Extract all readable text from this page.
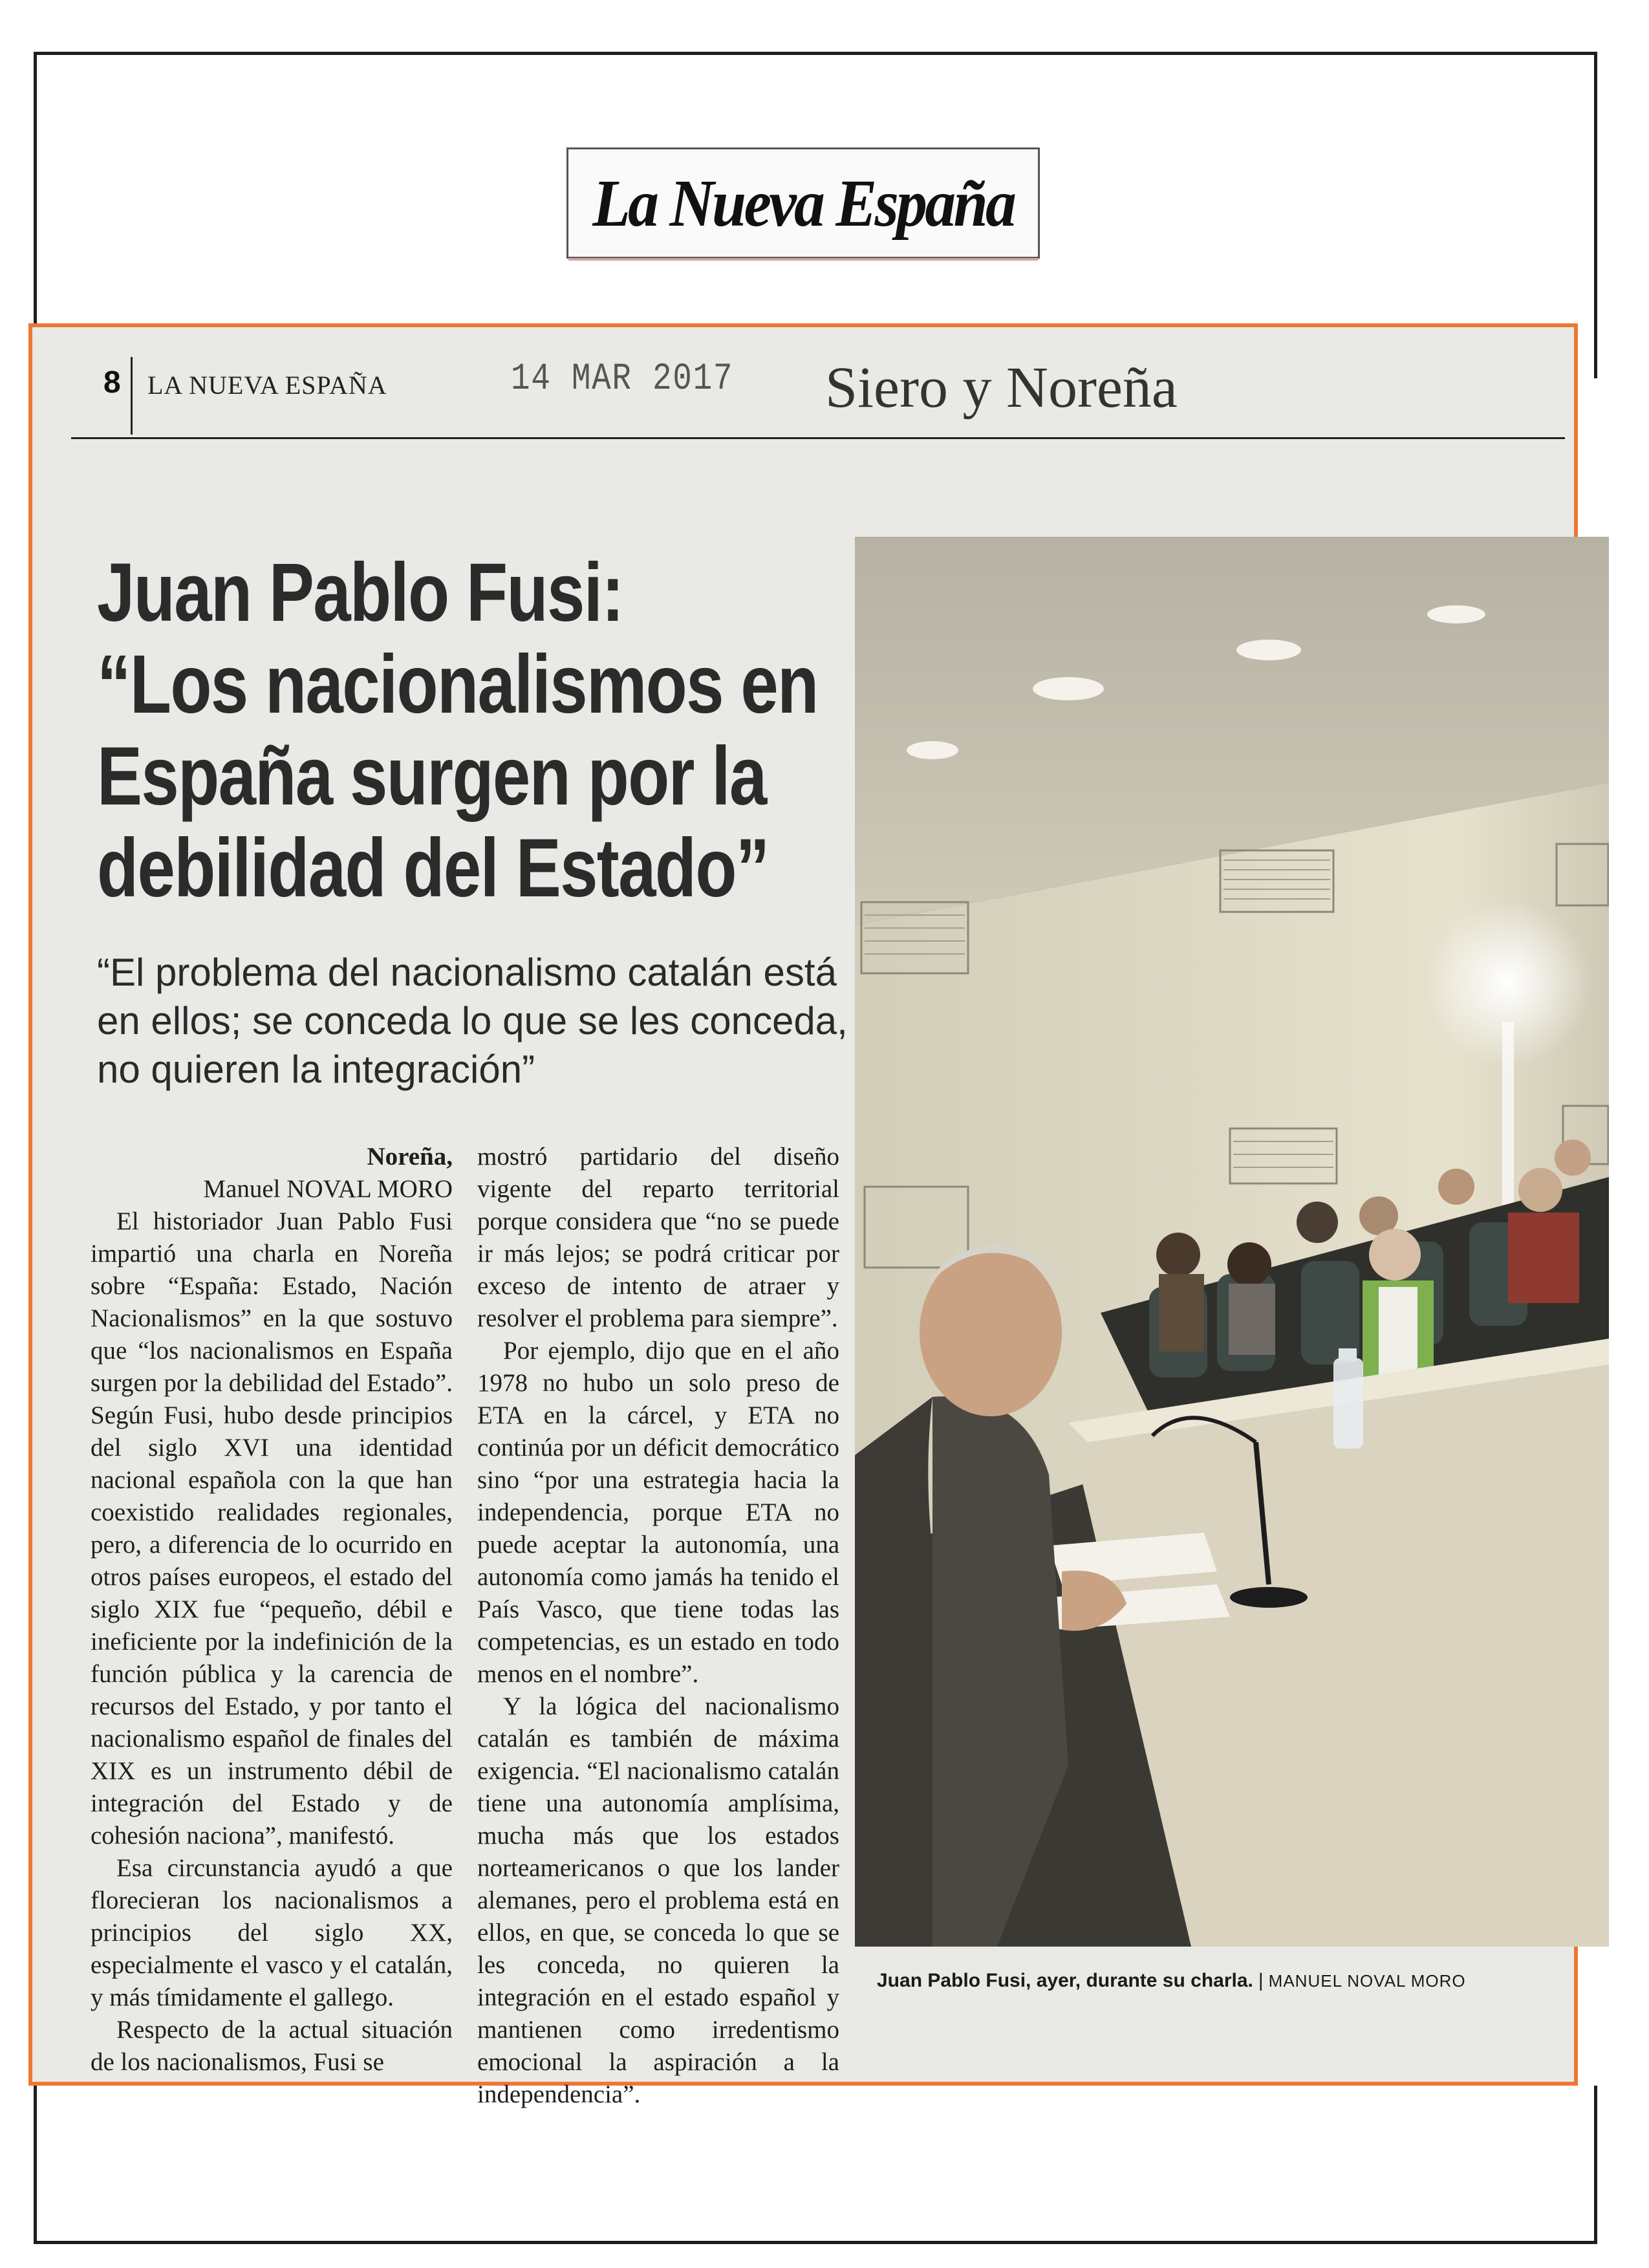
La Nueva España
8 LA NUEVA ESPAÑA	14 MAR 2017 Siero y Noreña
Juan Pablo Fusi:
“Los nacionalismos en
España surgen por la
debilidad del Estado”

“El problema del nacionalismo catalán está en ellos; se conceda lo que se les conceda, no quieren la integración”

Noreña,

Manuel NOVAL MORO

El historiador Juan Pablo Fusi impartió una charla en Noreña sobre “España: Estado, Nación Nacionalismos” en la que sostuvo que “los nacionalismos en España surgen por la debilidad del Estado”. Según Fusi, hubo desde principios del siglo XVI una identidad nacional española con la que han coexistido realidades regionales, pero, a diferencia de lo ocurrido en otros países europeos, el estado del siglo XIX fue “pequeño, débil e ineficiente por la indefinición de la función pública y la carencia de recursos del Estado, y por tanto el nacionalismo español de finales del XIX es un instrumento débil de integración del Estado y de cohesión naciona”, manifestó.

Esa circunstancia ayudó a que florecieran los nacionalismos a principios del siglo XX, especialmente el vasco y el catalán, y más tímidamente el gallego.

Respecto de la actual situación de los nacionalismos, Fusi se

mostró partidario del diseño vigente del reparto territorial porque considera que “no se puede ir más lejos; se podrá criticar por exceso de intento de atraer y resolver el problema para siempre”.

Por ejemplo, dijo que en el año 1978 no hubo un solo preso de ETA en la cárcel, y ETA no continúa por un déficit democrático sino “por una estrategia hacia la independencia, porque ETA no puede aceptar la autonomía, una autonomía como jamás ha tenido el País Vasco, que tiene todas las competencias, es un estado en todo menos en el nombre”.

Y la lógica del nacionalismo catalán es también de máxima exigencia. “El nacionalismo catalán tiene una autonomía amplísima, mucha más que los estados norteamericanos o que los lander alemanes, pero el problema está en ellos, en que, se conceda lo que se les conceda, no quieren la integración en el estado español y mantienen como irredentismo emocional la aspiración a la independencia”.

Juan Pablo Fusi, ayer, durante su charla. | MANUEL NOVAL MORO
